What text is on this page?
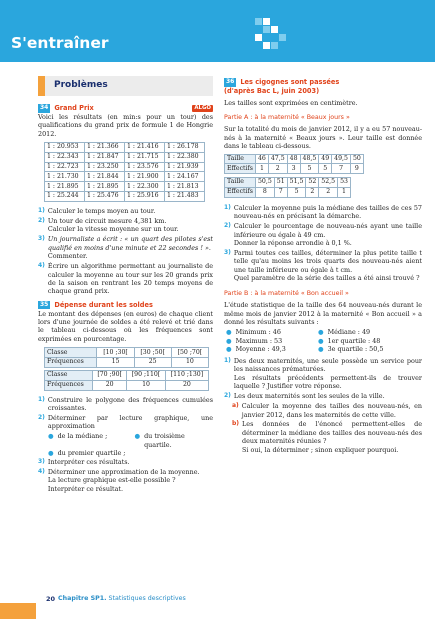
S'entraîner
Problèmes
34 Grand Prix	ALGO

Voici les résultats (en min:s pour un tour) des qualifications du grand prix de formule 1 de Hongrie 2012.

1 : 20.953	1 : 21.366	1 : 21.416	1 : 26.178
1 : 22.343	1 : 21.847	1 : 21.715	1 : 22.380
1 : 22.723	1 : 23.250	1 : 23.576	1 : 21.939
1 : 21.730	1 : 21.844	1 : 21.900	1 : 24.167
1 : 21.895	1 : 21.895	1 : 22.300	1 : 21.813
1 : 25.244	1 : 25.476	1 : 25.916	1 : 21.483
1) Calculer le temps moyen au tour.
2) Un tour de circuit mesure 4,381 km.
Calculer la vitesse moyenne sur un tour.
3) Un journaliste a écrit : « un quart des pilotes s'est qualifié en moins d'une minute et 22 secondes ! ».
Commenter.
4) Écrire un algorithme permettant au journaliste de calculer la moyenne au tour sur les 20 grands prix de la saison en rentrant les 20 temps moyens de chaque grand prix.
35 Dépense durant les soldes

Le montant des dépenses (en euros) de chaque client lors d'une journée de soldes a été relevé et trié dans le tableau ci-dessous où les fréquences sont exprimées en pourcentage.

Classe	[10 ;30[	[30 ;50[	[50 ;70[
Fréquences	15	25	10
Classe	[70 ;90[	[90 ;110[	[110 ;130]
Fréquences	20	10	20
1) Construire le polygone des fréquences cumulées croissantes.
2) Déterminer par lecture graphique, une approximation
● de la médiane ;	● du troisième quartile.
● du premier quartile ;
3) Interpréter ces résultats.
4) Déterminer une approximation de la moyenne.
La lecture graphique est-elle possible ?
Interpréter ce résultat.
36 Les cigognes sont passées
(d'après Bac L, juin 2003)

Les tailles sont exprimées en centimètre.

Partie A : à la maternité « Beaux jours »

Sur la totalité du mois de janvier 2012, il y a eu 57 nouveau-nés à la maternité « Beaux jours ». Leur taille est donnée dans le tableau ci-dessous.

Taille	46	47,5	48	48,5	49	49,5	50
Effectifs	1	2	3	5	5	7	9
Taille	50,5	51	51,5	52	52,5	53
Effectifs	8	7	5	2	2	1
1) Calculer la moyenne puis la médiane des tailles de ces 57 nouveau-nés en précisant la démarche.
2) Calculer le pourcentage de nouveau-nés ayant une taille inférieure ou égale à 49 cm.
Donner la réponse arrondie à 0,1 %.
3) Parmi toutes ces tailles, déterminer la plus petite taille t telle qu'au moins les trois quarts des nouveau-nés aient une taille inférieure ou égale à t cm.
Quel paramètre de la série des tailles a été ainsi trouvé ?
Partie B : à la maternité « Bon accueil »

L'étude statistique de la taille des 64 nouveau-nés durant le même mois de janvier 2012 à la maternité « Bon accueil » a donné les résultats suivants :

● Minimum : 46
● Maximum : 53
● Moyenne : 49,3
● Médiane : 49
● 1er quartile : 48
● 3e quartile : 50,5
1) Des deux maternités, une seule possède un service pour les naissances prématurées.
Les résultats précédents permettent-ils de trouver laquelle ? Justifier votre réponse.
2) Les deux maternités sont les seules de la ville.
a) Calculer la moyenne des tailles des nouveau-nés, en janvier 2012, dans les maternités de cette ville.
b) Les données de l'énoncé permettent-elles de déterminer la médiane des tailles des nouveau-nés des deux maternités réunies ?
Si oui, la déterminer ; sinon expliquer pourquoi.
20 Chapitre SP1. Statistiques descriptives
